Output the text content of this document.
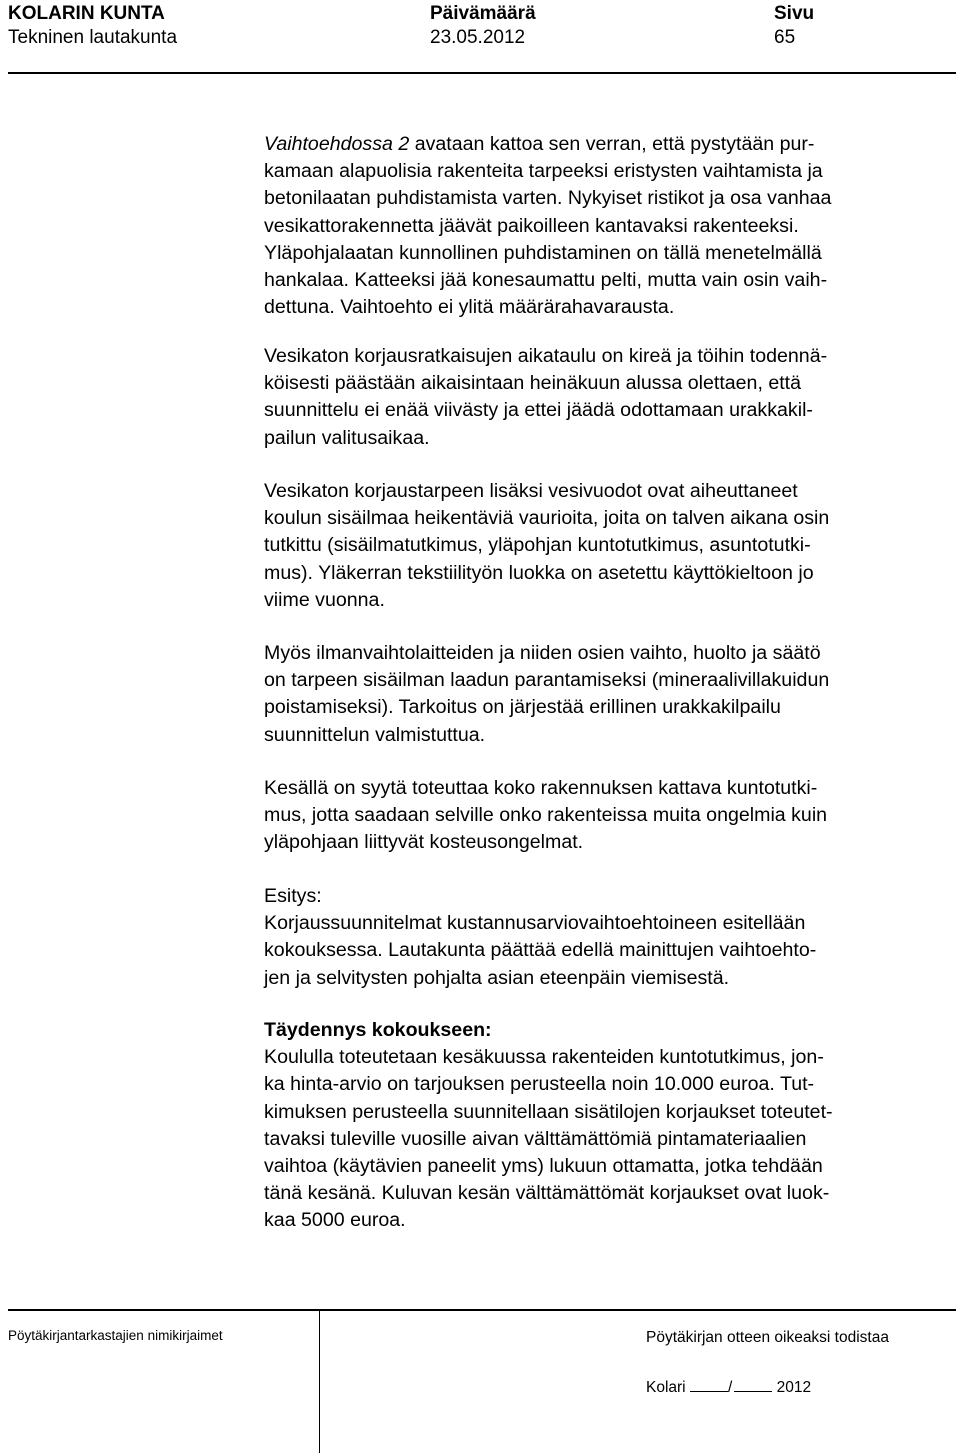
KOLARIN KUNTA
Tekninen lautakunta
Päivämäärä
23.05.2012
Sivu
65

Vaihtoehdossa 2 avataan kattoa sen verran, että pystytään pur-

kamaan alapuolisia rakenteita tarpeeksi eristysten vaihtamista ja

betonilaatan puhdistamista varten. Nykyiset ristikot ja osa vanhaa

vesikattorakennetta jäävät paikoilleen kantavaksi rakenteeksi.

Yläpohjalaatan kunnollinen puhdistaminen on tällä menetelmällä

hankalaa. Katteeksi jää konesaumattu pelti, mutta vain osin vaih-

dettuna. Vaihtoehto ei ylitä määrärahavarausta.

Vesikaton korjausratkaisujen aikataulu on kireä ja töihin todennä-

köisesti päästään aikaisintaan heinäkuun alussa olettaen, että

suunnittelu ei enää viivästy ja ettei jäädä odottamaan urakkakil-

pailun valitusaikaa.

Vesikaton korjaustarpeen lisäksi vesivuodot ovat aiheuttaneet

koulun sisäilmaa heikentäviä vaurioita, joita on talven aikana osin

tutkittu (sisäilmatutkimus, yläpohjan kuntotutkimus, asuntotutki-

mus). Yläkerran tekstiilityön luokka on asetettu käyttökieltoon jo

viime vuonna.

Myös ilmanvaihtolaitteiden ja niiden osien vaihto, huolto ja säätö

on tarpeen sisäilman laadun parantamiseksi (mineraalivillakuidun

poistamiseksi). Tarkoitus on järjestää erillinen urakkakilpailu

suunnittelun valmistuttua.

Kesällä on syytä toteuttaa koko rakennuksen kattava kuntotutki-

mus, jotta saadaan selville onko rakenteissa muita ongelmia kuin

yläpohjaan liittyvät kosteusongelmat.

Esitys:

Korjaussuunnitelmat kustannusarviovaihtoehtoineen esitellään

kokouksessa. Lautakunta päättää edellä mainittujen vaihtoehto-

jen ja selvitysten pohjalta asian eteenpäin viemisestä.

Täydennys kokoukseen:

Koululla toteutetaan kesäkuussa rakenteiden kuntotutkimus, jon-

ka hinta-arvio on tarjouksen perusteella noin 10.000 euroa. Tut-

kimuksen perusteella suunnitellaan sisätilojen korjaukset toteutet-

tavaksi tuleville vuosille aivan välttämättömiä pintamateriaalien

vaihtoa (käytävien paneelit yms) lukuun ottamatta, jotka tehdään

tänä kesänä. Kuluvan kesän välttämättömät korjaukset ovat luok-

kaa 5000 euroa.

Pöytäkirjantarkastajien nimikirjaimet	Pöytäkirjan otteen oikeaksi todistaa
Kolari	/	2012
